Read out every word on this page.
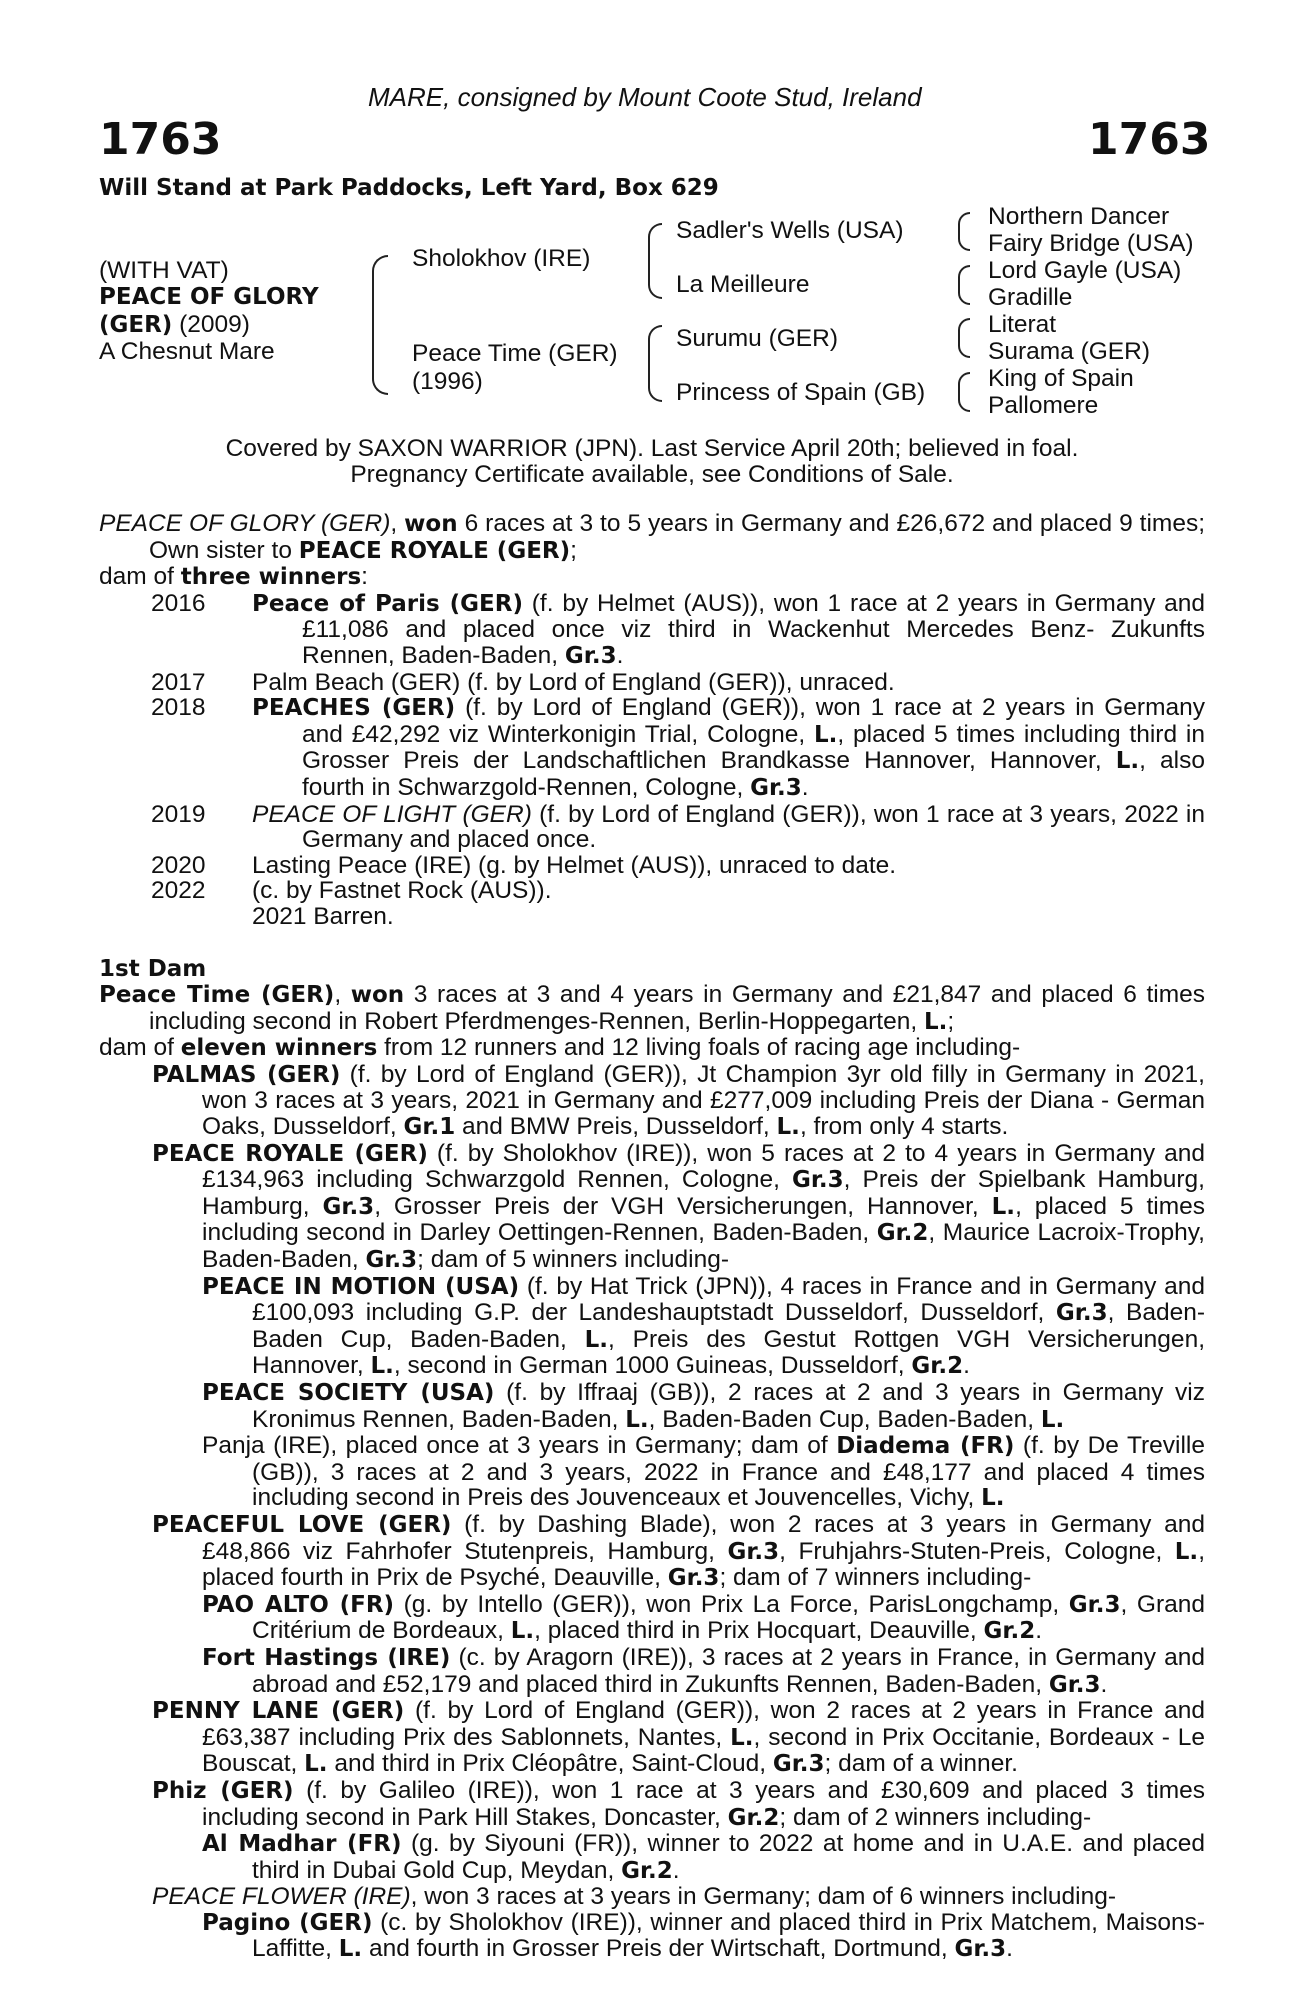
MARE, consigned by Mount Coote Stud, Ireland
1763	1763
Will Stand at Park Paddocks, Left Yard, Box 629
(WITH VAT)
PEACE OF GLORY
(GER) (2009)
A Chesnut Mare
Sholokhov (IRE)
Peace Time (GER)
(1996)
Sadler's Wells (USA)
La Meilleure
Surumu (GER)
Princess of Spain (GB)
Northern Dancer
Fairy Bridge (USA)
Lord Gayle (USA)
Gradille
Literat
Surama (GER)
King of Spain
Pallomere
Covered by SAXON WARRIOR (JPN). Last Service April 20th; believed in foal.
Pregnancy Certificate available, see Conditions of Sale.

PEACE OF GLORY (GER), won 6 races at 3 to 5 years in Germany and £26,672 and placed 9 times; Own sister to PEACE ROYALE (GER);

dam of three winners:

2016 Peace of Paris (GER) (f. by Helmet (AUS)), won 1 race at 2 years in Germany and £11,086 and placed once viz third in Wackenhut Mercedes Benz- Zukunfts Rennen, Baden-Baden, Gr.3.
2017 Palm Beach (GER) (f. by Lord of England (GER)), unraced.
2018 PEACHES (GER) (f. by Lord of England (GER)), won 1 race at 2 years in Germany and £42,292 viz Winterkonigin Trial, Cologne, L., placed 5 times including third in Grosser Preis der Landschaftlichen Brandkasse Hannover, Hannover, L., also fourth in Schwarzgold-Rennen, Cologne, Gr.3.
2019 PEACE OF LIGHT (GER) (f. by Lord of England (GER)), won 1 race at 3 years, 2022 in Germany and placed once.
2020 Lasting Peace (IRE) (g. by Helmet (AUS)), unraced to date.
2022 (c. by Fastnet Rock (AUS)).
2021 Barren.

1st Dam

Peace Time (GER), won 3 races at 3 and 4 years in Germany and £21,847 and placed 6 times including second in Robert Pferdmenges-Rennen, Berlin-Hoppegarten, L.;

dam of eleven winners from 12 runners and 12 living foals of racing age including-

PALMAS (GER) (f. by Lord of England (GER)), Jt Champion 3yr old filly in Germany in 2021, won 3 races at 3 years, 2021 in Germany and £277,009 including Preis der Diana - German Oaks, Dusseldorf, Gr.1 and BMW Preis, Dusseldorf, L., from only 4 starts.

PEACE ROYALE (GER) (f. by Sholokhov (IRE)), won 5 races at 2 to 4 years in Germany and £134,963 including Schwarzgold Rennen, Cologne, Gr.3, Preis der Spielbank Hamburg, Hamburg, Gr.3, Grosser Preis der VGH Versicherungen, Hannover, L., placed 5 times including second in Darley Oettingen-Rennen, Baden-Baden, Gr.2, Maurice Lacroix-Trophy, Baden-Baden, Gr.3; dam of 5 winners including-

PEACE IN MOTION (USA) (f. by Hat Trick (JPN)), 4 races in France and in Germany and £100,093 including G.P. der Landeshauptstadt Dusseldorf, Dusseldorf, Gr.3, Baden-Baden Cup, Baden-Baden, L., Preis des Gestut Rottgen VGH Versicherungen, Hannover, L., second in German 1000 Guineas, Dusseldorf, Gr.2.

PEACE SOCIETY (USA) (f. by Iffraaj (GB)), 2 races at 2 and 3 years in Germany viz Kronimus Rennen, Baden-Baden, L., Baden-Baden Cup, Baden-Baden, L.

Panja (IRE), placed once at 3 years in Germany; dam of Diadema (FR) (f. by De Treville (GB)), 3 races at 2 and 3 years, 2022 in France and £48,177 and placed 4 times including second in Preis des Jouvenceaux et Jouvencelles, Vichy, L.

PEACEFUL LOVE (GER) (f. by Dashing Blade), won 2 races at 3 years in Germany and £48,866 viz Fahrhofer Stutenpreis, Hamburg, Gr.3, Fruhjahrs-Stuten-Preis, Cologne, L., placed fourth in Prix de Psyché, Deauville, Gr.3; dam of 7 winners including-

PAO ALTO (FR) (g. by Intello (GER)), won Prix La Force, ParisLongchamp, Gr.3, Grand Critérium de Bordeaux, L., placed third in Prix Hocquart, Deauville, Gr.2.

Fort Hastings (IRE) (c. by Aragorn (IRE)), 3 races at 2 years in France, in Germany and abroad and £52,179 and placed third in Zukunfts Rennen, Baden-Baden, Gr.3.

PENNY LANE (GER) (f. by Lord of England (GER)), won 2 races at 2 years in France and £63,387 including Prix des Sablonnets, Nantes, L., second in Prix Occitanie, Bordeaux - Le Bouscat, L. and third in Prix Cléopâtre, Saint-Cloud, Gr.3; dam of a winner.

Phiz (GER) (f. by Galileo (IRE)), won 1 race at 3 years and £30,609 and placed 3 times including second in Park Hill Stakes, Doncaster, Gr.2; dam of 2 winners including-

Al Madhar (FR) (g. by Siyouni (FR)), winner to 2022 at home and in U.A.E. and placed third in Dubai Gold Cup, Meydan, Gr.2.

PEACE FLOWER (IRE), won 3 races at 3 years in Germany; dam of 6 winners including-

Pagino (GER) (c. by Sholokhov (IRE)), winner and placed third in Prix Matchem, Maisons-Laffitte, L. and fourth in Grosser Preis der Wirtschaft, Dortmund, Gr.3.
